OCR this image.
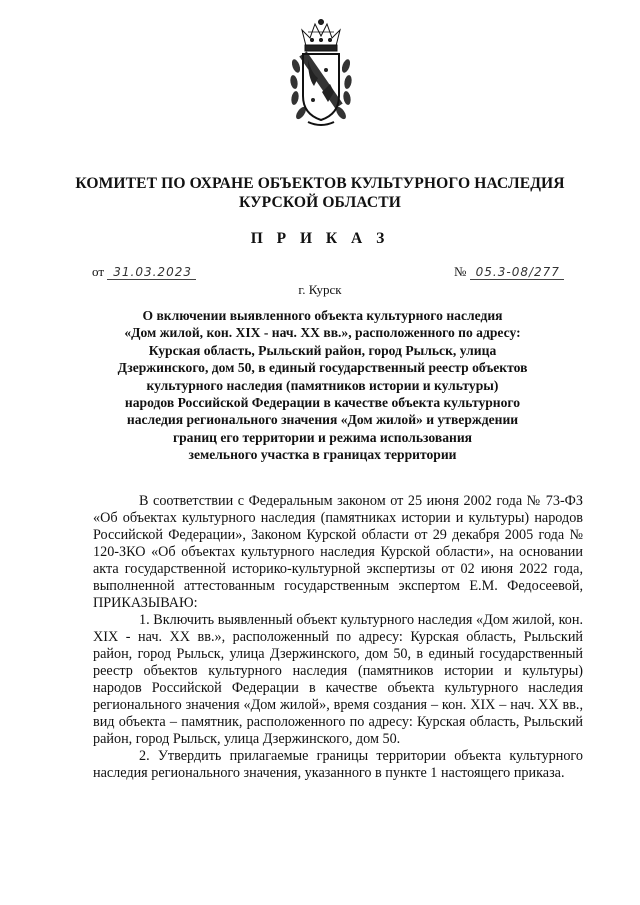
КОМИТЕТ ПО ОХРАНЕ ОБЪЕКТОВ КУЛЬТУРНОГО НАСЛЕДИЯ
КУРСКОЙ ОБЛАСТИ
П Р И К А З
от 31.03.2023	№ 05.3-08/277
г. Курск
О включении выявленного объекта культурного наследия
«Дом жилой, кон. XIX - нач. XX вв.», расположенного по адресу:
Курская область, Рыльский район, город Рыльск, улица
Дзержинского, дом 50, в единый государственный реестр объектов
культурного наследия (памятников истории и культуры)
народов Российской Федерации в качестве объекта культурного
наследия регионального значения «Дом жилой» и утверждении
границ его территории и режима использования
земельного участка в границах территории

В соответствии с Федеральным законом от 25 июня 2002 года № 73-ФЗ «Об объектах культурного наследия (памятниках истории и культуры) народов Российской Федерации», Законом Курской области от 29 декабря 2005 года № 120-ЗКО «Об объектах культурного наследия Курской области», на основании акта государственной историко-культурной экспертизы от 02 июня 2022 года, выполненной аттестованным государственным экспертом Е.М. Федосеевой, ПРИКАЗЫВАЮ:

1. Включить выявленный объект культурного наследия «Дом жилой, кон. XIX - нач. XX вв.», расположенный по адресу: Курская область, Рыльский район, город Рыльск, улица Дзержинского, дом 50, в единый государственный реестр объектов культурного наследия (памятников истории и культуры) народов Российской Федерации в качестве объекта культурного наследия регионального значения «Дом жилой», время создания – кон. XIX – нач. XX вв., вид объекта – памятник, расположенного по адресу: Курская область, Рыльский район, город Рыльск, улица Дзержинского, дом 50.

2. Утвердить прилагаемые границы территории объекта культурного наследия регионального значения, указанного в пункте 1 настоящего приказа.
